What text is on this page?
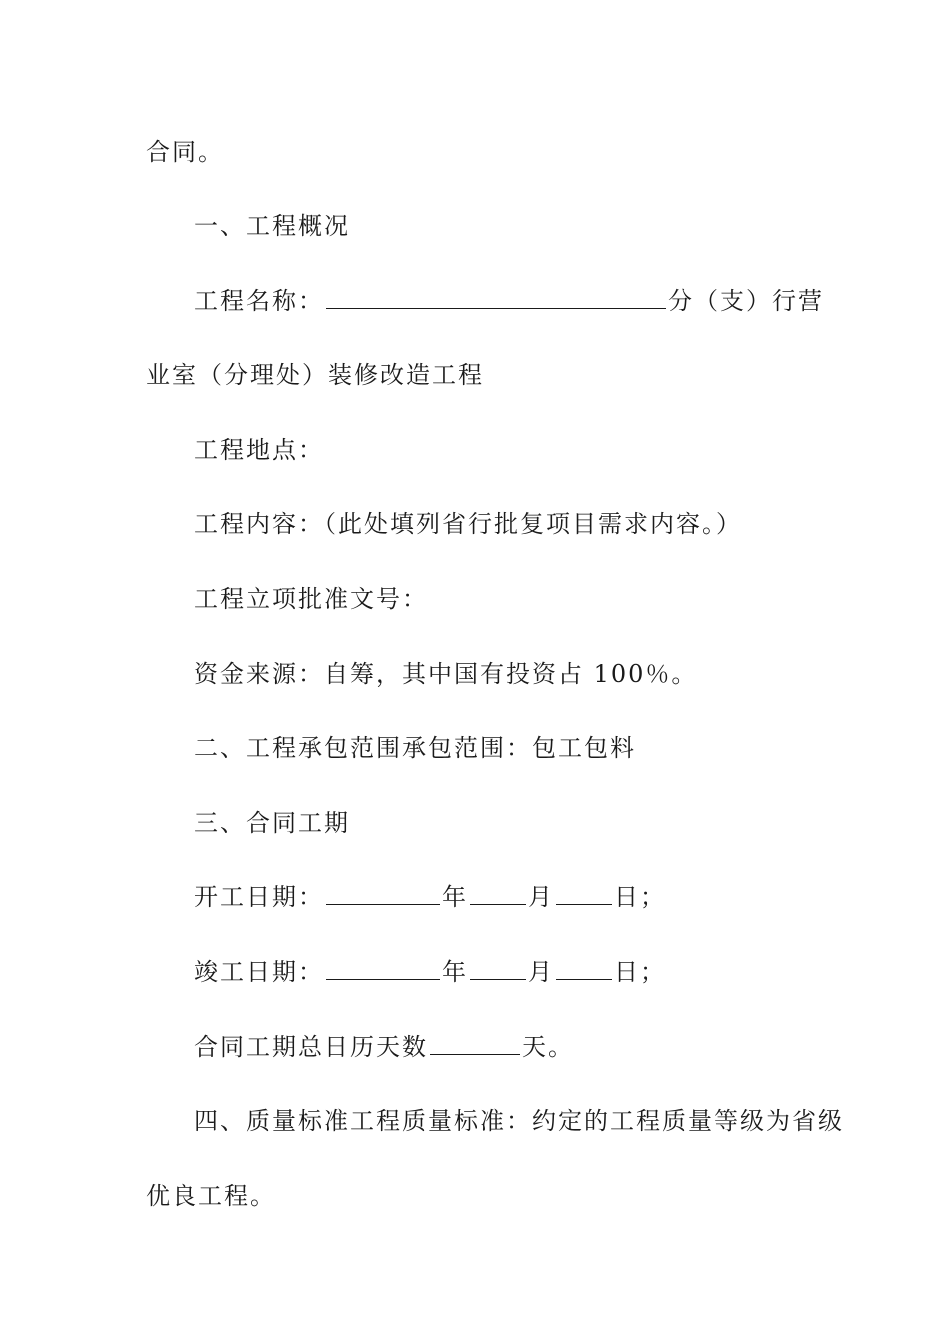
合同。
一、工程概况
工程名称：	分（支）行营
业室（分理处）装修改造工程
工程地点：
工程内容：（此处填列省行批复项目需求内容。）
工程立项批准文号：
资金来源：自筹，其中国有投资占 100％。
二、工程承包范围承包范围：包工包料
三、合同工期
开工日期：	年	月	日；
竣工日期：	年	月	日；
合同工期总日历天数	天。
四、质量标准工程质量标准：约定的工程质量等级为省级
优良工程。
